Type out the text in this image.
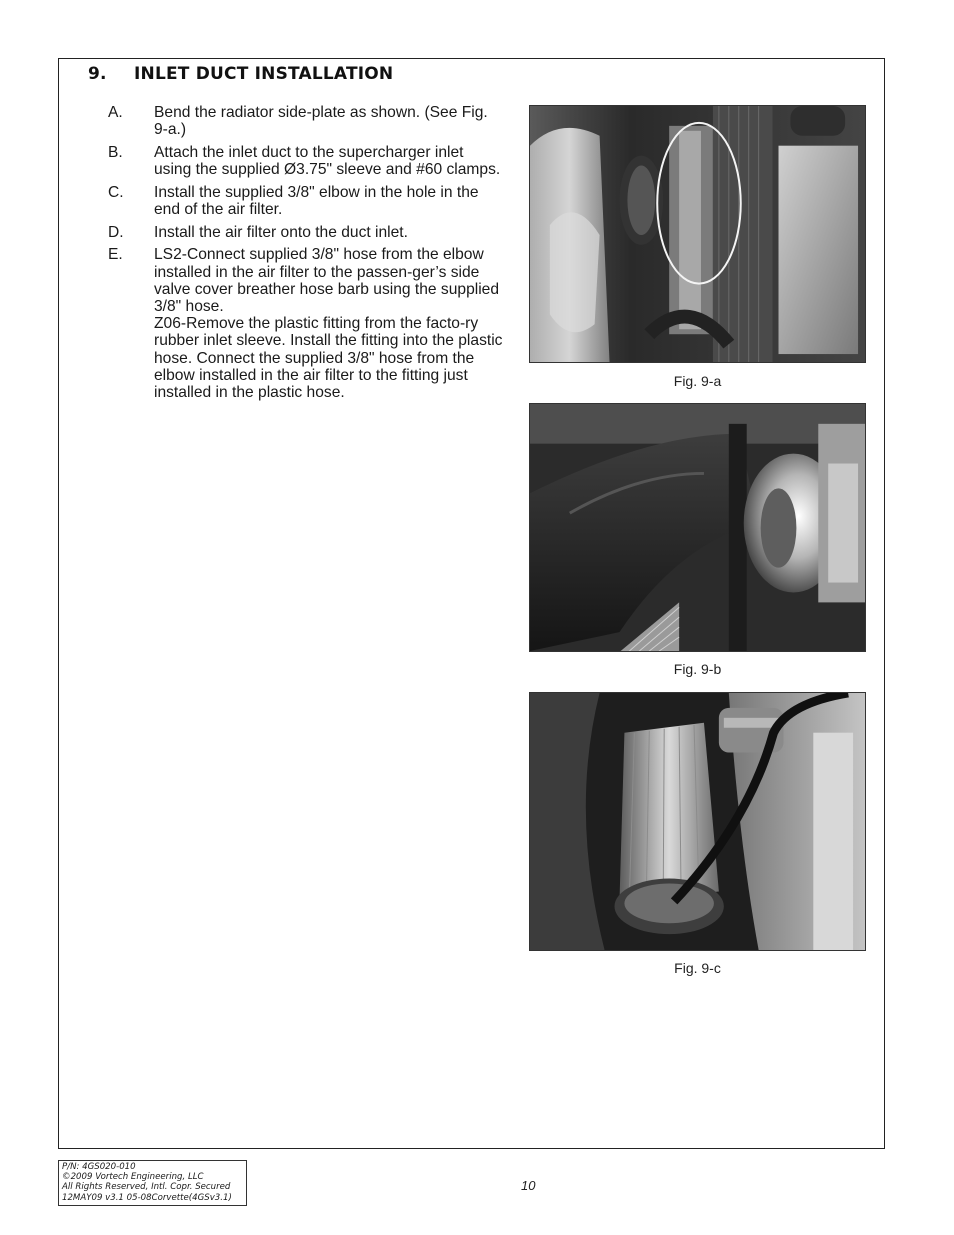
9. INLET DUCT INSTALLATION
A.	Bend the radiator side-plate as shown. (See Fig. 9-a.)

B.	Attach the inlet duct to the supercharger inlet using the supplied Ø3.75" sleeve and #60 clamps.

C.	Install the supplied 3/8" elbow in the hole in the end of the air filter.

D.	Install the air filter onto the duct inlet.

E.	LS2-Connect supplied 3/8" hose from the elbow installed in the air filter to the passen-ger’s side valve cover breather hose barb using the supplied 3/8" hose.

Z06-Remove the plastic fitting from the facto-ry rubber inlet sleeve. Install the fitting into the plastic hose. Connect the supplied 3/8" hose from the elbow installed in the air filter to the fitting just installed in the plastic hose.

Fig. 9-a
Fig. 9-b
Fig. 9-c
P/N: 4GS020-010
©2009 Vortech Engineering, LLC
All Rights Reserved, Intl. Copr. Secured
12MAY09 v3.1 05-08Corvette(4GSv3.1)
10
